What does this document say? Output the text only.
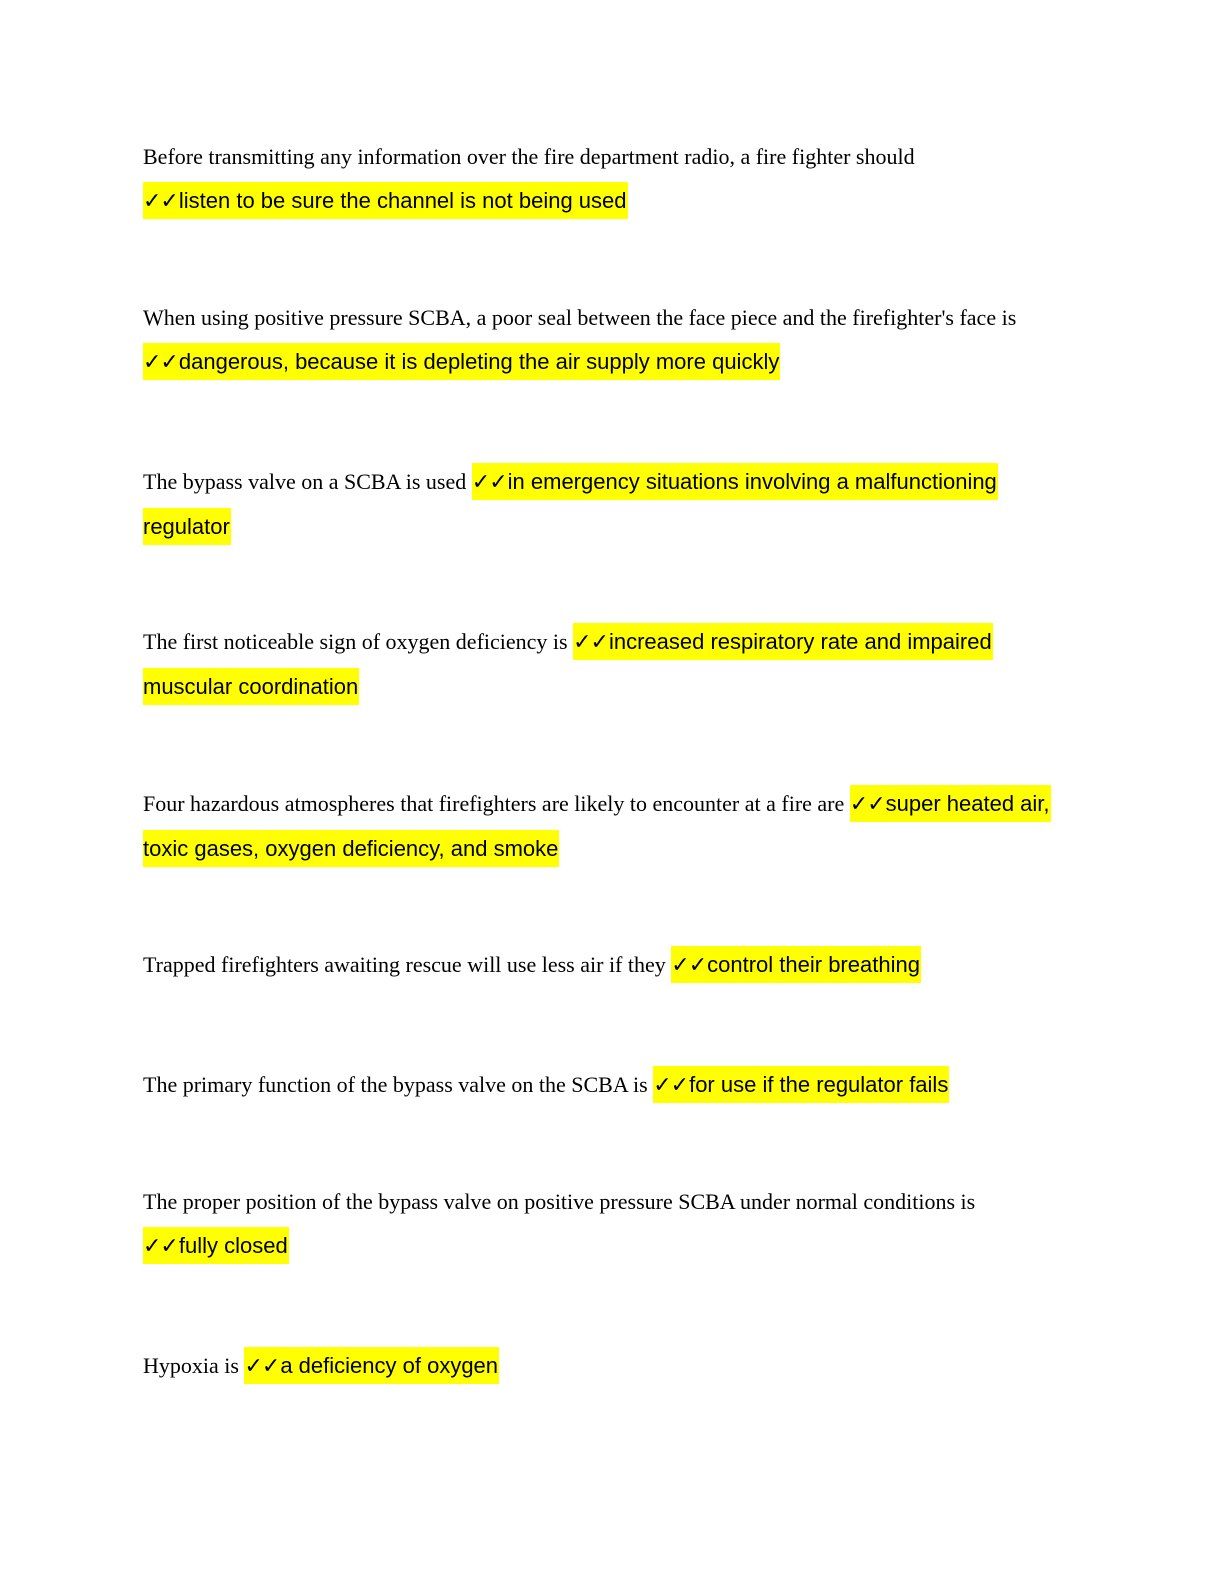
Before transmitting any information over the fire department radio, a fire fighter should
✓✓listen to be sure the channel is not being used

When using positive pressure SCBA, a poor seal between the face piece and the firefighter's face is ✓✓dangerous, because it is depleting the air supply more quickly

The bypass valve on a SCBA is used ✓✓in emergency situations involving a malfunctioning regulator

The first noticeable sign of oxygen deficiency is ✓✓increased respiratory rate and impaired muscular coordination

Four hazardous atmospheres that firefighters are likely to encounter at a fire are ✓✓super heated air, toxic gases, oxygen deficiency, and smoke

Trapped firefighters awaiting rescue will use less air if they ✓✓control their breathing

The primary function of the bypass valve on the SCBA is ✓✓for use if the regulator fails

The proper position of the bypass valve on positive pressure SCBA under normal conditions is
✓✓fully closed

Hypoxia is ✓✓a deficiency of oxygen
